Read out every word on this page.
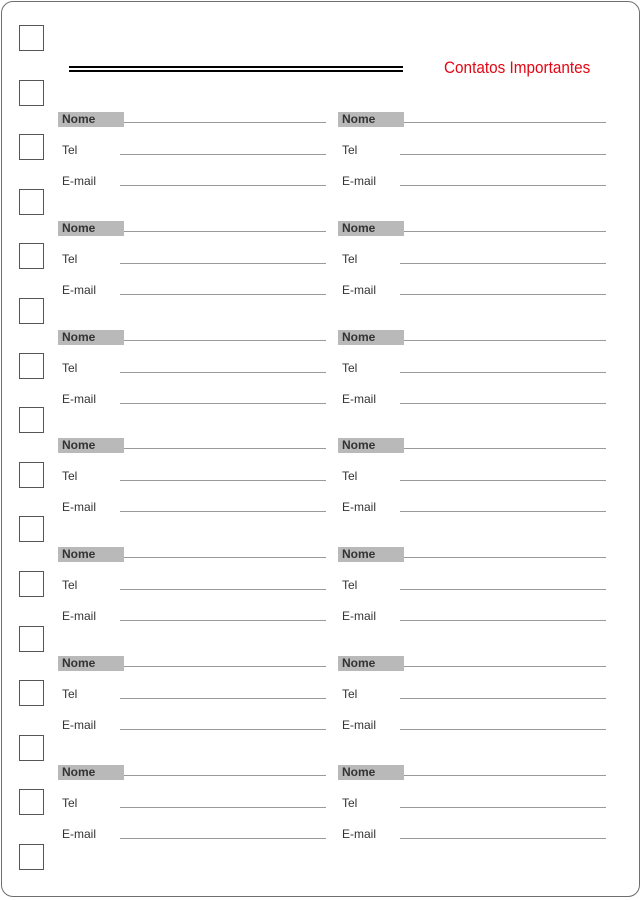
Contatos Importantes
Nome
Tel
E-mail
Nome
Tel
E-mail
Nome
Tel
E-mail
Nome
Tel
E-mail
Nome
Tel
E-mail
Nome
Tel
E-mail
Nome
Tel
E-mail
Nome
Tel
E-mail
Nome
Tel
E-mail
Nome
Tel
E-mail
Nome
Tel
E-mail
Nome
Tel
E-mail
Nome
Tel
E-mail
Nome
Tel
E-mail
